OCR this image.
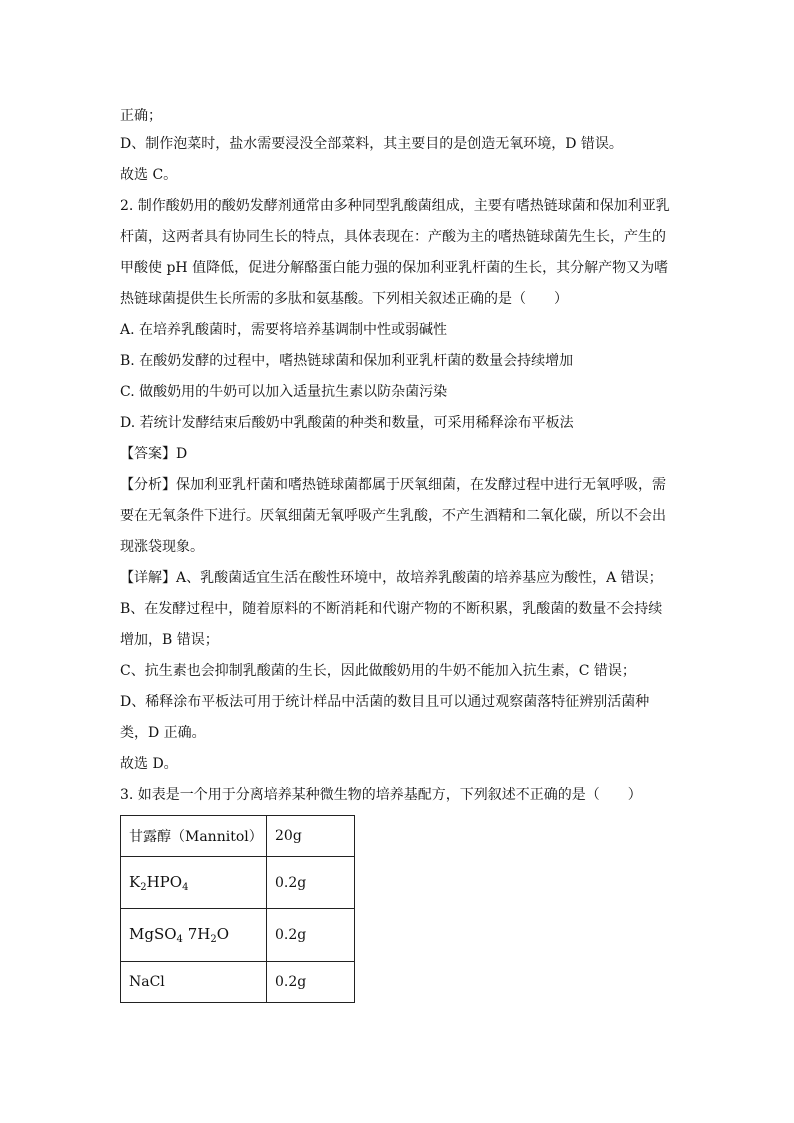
正确；
D、制作泡菜时，盐水需要浸没全部菜料，其主要目的是创造无氧环境，D 错误。
故选 C。
2. 制作酸奶用的酸奶发酵剂通常由多种同型乳酸菌组成，主要有嗜热链球菌和保加利亚乳
杆菌，这两者具有协同生长的特点，具体表现在：产酸为主的嗜热链球菌先生长，产生的
甲酸使 pH 值降低，促进分解酪蛋白能力强的保加利亚乳杆菌的生长，其分解产物又为嗜
热链球菌提供生长所需的多肽和氨基酸。下列相关叙述正确的是（　　）
A. 在培养乳酸菌时，需要将培养基调制中性或弱碱性
B. 在酸奶发酵的过程中，嗜热链球菌和保加利亚乳杆菌的数量会持续增加
C. 做酸奶用的牛奶可以加入适量抗生素以防杂菌污染
D. 若统计发酵结束后酸奶中乳酸菌的种类和数量，可采用稀释涂布平板法
【答案】D
【分析】保加利亚乳杆菌和嗜热链球菌都属于厌氧细菌，在发酵过程中进行无氧呼吸，需
要在无氧条件下进行。厌氧细菌无氧呼吸产生乳酸，不产生酒精和二氧化碳，所以不会出
现涨袋现象。
【详解】A、乳酸菌适宜生活在酸性环境中，故培养乳酸菌的培养基应为酸性，A 错误；
B、在发酵过程中，随着原料的不断消耗和代谢产物的不断积累，乳酸菌的数量不会持续
增加，B 错误；
C、抗生素也会抑制乳酸菌的生长，因此做酸奶用的牛奶不能加入抗生素，C 错误；
D、稀释涂布平板法可用于统计样品中活菌的数目且可以通过观察菌落特征辨别活菌种
类，D 正确。
故选 D。
3. 如表是一个用于分离培养某种微生物的培养基配方，下列叙述不正确的是（　　）
甘露醇（Mannitol）	20g
$K_2HPO_4$	0.2g
MgSO$_4$ $7H_2O$	0.2g
NaCl	0.2g
